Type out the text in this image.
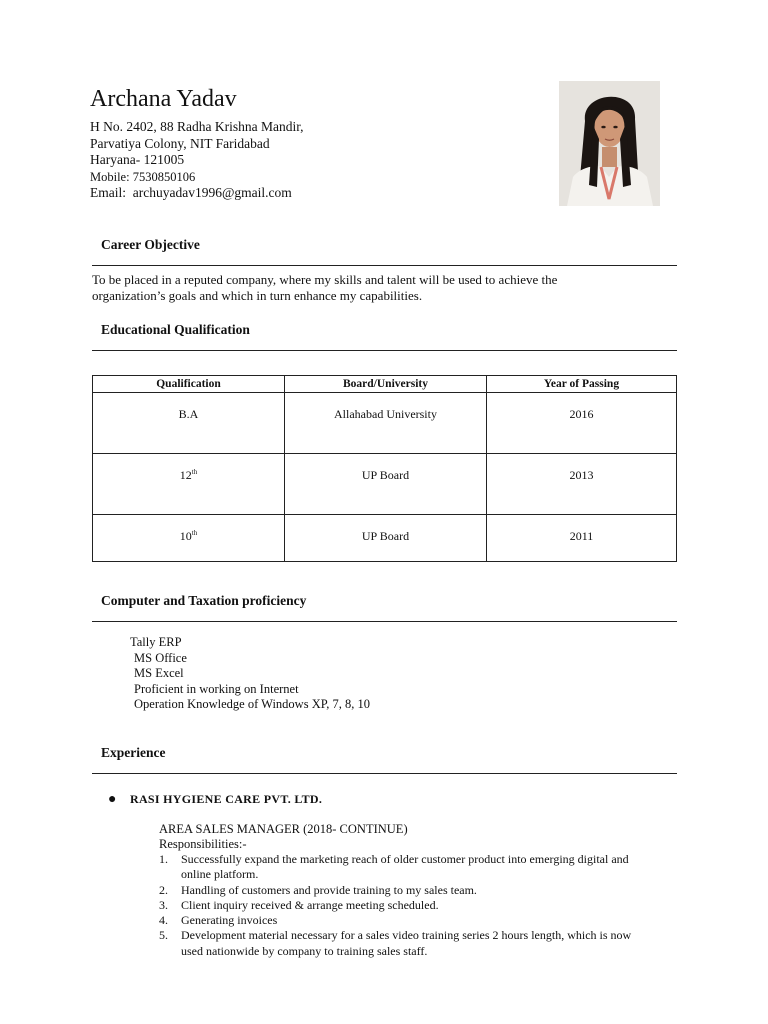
Archana Yadav
H No. 2402, 88 Radha Krishna Mandir,
Parvatiya Colony, NIT Faridabad
Haryana- 121005
Mobile: 7530850106
Email: archuyadav1996@gmail.com
Career Objective
To be placed in a reputed company, where my skills and talent will be used to achieve the
organization’s goals and which in turn enhance my capabilities.
Educational Qualification
Qualification	Board/University	Year of Passing
B.A	Allahabad University	2016
12th	UP Board	2013
10th	UP Board	2011
Computer and Taxation proficiency
Tally ERP
MS Office
MS Excel
Proficient in working on Internet
Operation Knowledge of Windows XP, 7, 8, 10
Experience
● RASI HYGIENE CARE PVT. LTD.
AREA SALES MANAGER (2018- CONTINUE)
Responsibilities:-
1. Successfully expand the marketing reach of older customer product into emerging digital and
online platform.
2. Handling of customers and provide training to my sales team.
3. Client inquiry received & arrange meeting scheduled.
4. Generating invoices
5. Development material necessary for a sales video training series 2 hours length, which is now
used nationwide by company to training sales staff.
